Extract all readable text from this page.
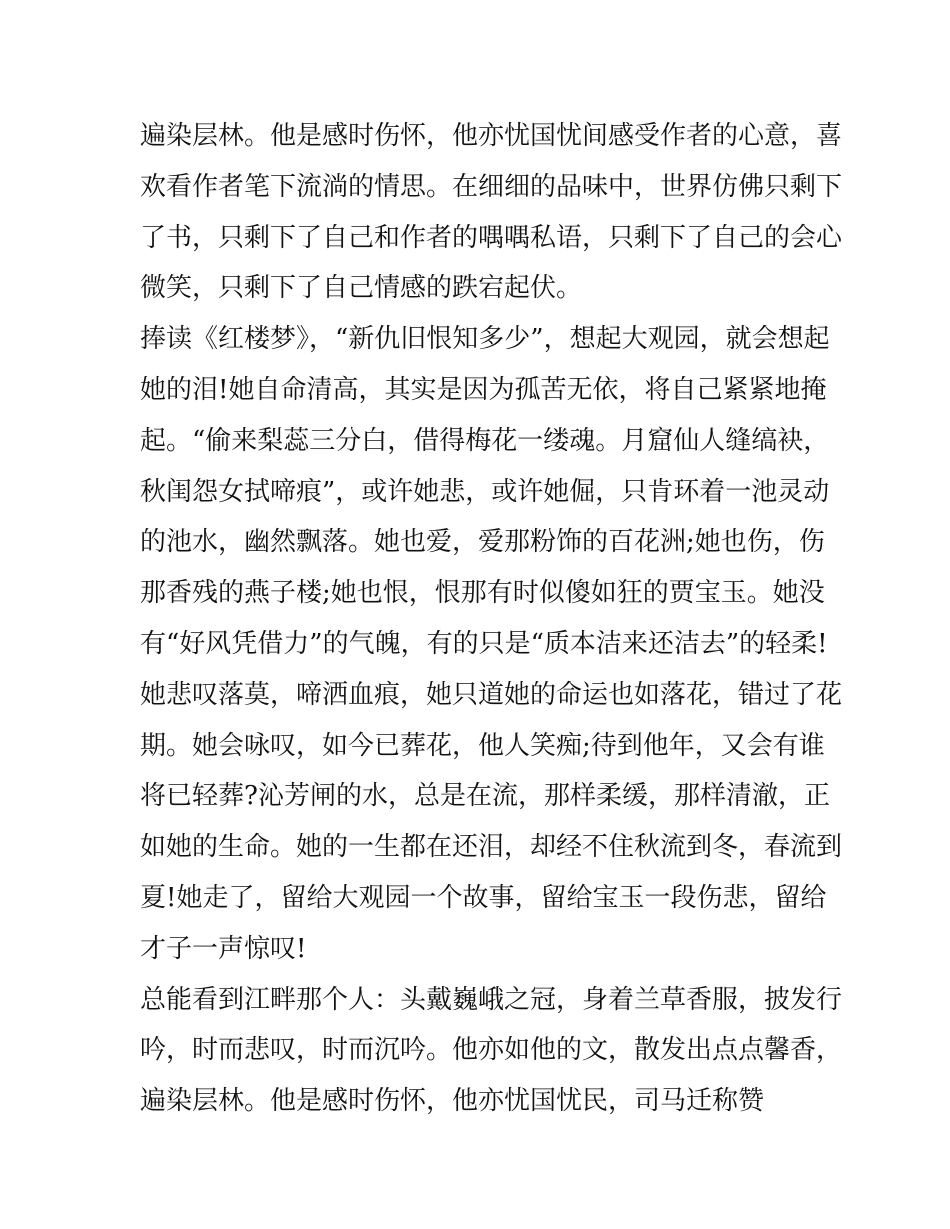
遍染层林。他是感时伤怀，他亦忧国忧间感受作者的心意，喜
欢看作者笔下流淌的情思。在细细的品味中，世界仿佛只剩下
了书，只剩下了自己和作者的喁喁私语，只剩下了自己的会心
微笑，只剩下了自己情感的跌宕起伏。
捧读《红楼梦》，“新仇旧恨知多少”，想起大观园，就会想起
她的泪!她自命清高，其实是因为孤苦无依，将自己紧紧地掩
起。“偷来梨蕊三分白，借得梅花一缕魂。月窟仙人缝缟袂，
秋闺怨女拭啼痕”，或许她悲，或许她倔，只肯环着一池灵动
的池水，幽然飘落。她也爱，爱那粉饰的百花洲;她也伤，伤
那香残的燕子楼;她也恨，恨那有时似傻如狂的贾宝玉。她没
有“好风凭借力”的气魄，有的只是“质本洁来还洁去”的轻柔!
她悲叹落莫，啼洒血痕，她只道她的命运也如落花，错过了花
期。她会咏叹，如今已葬花，他人笑痴;待到他年，又会有谁
将已轻葬?沁芳闸的水，总是在流，那样柔缓，那样清澈，正
如她的生命。她的一生都在还泪，却经不住秋流到冬，春流到
夏!她走了，留给大观园一个故事，留给宝玉一段伤悲，留给
才子一声惊叹!
总能看到江畔那个人：头戴巍峨之冠，身着兰草香服，披发行
吟，时而悲叹，时而沉吟。他亦如他的文，散发出点点馨香，
遍染层林。他是感时伤怀，他亦忧国忧民，司马迁称赞
